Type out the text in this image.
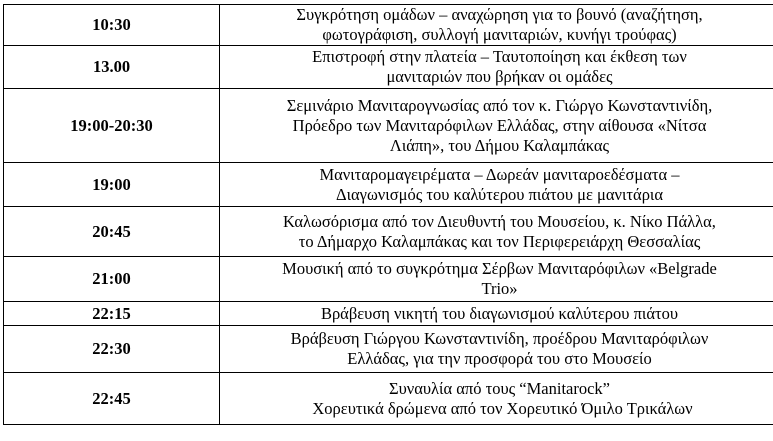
10:30	Συγκρότηση ομάδων – αναχώρηση για το βουνό (αναζήτηση,
φωτογράφιση, συλλογή μανιταριών, κυνήγι τρούφας)

13.00	Επιστροφή στην πλατεία – Ταυτοποίηση και έκθεση των
μανιταριών που βρήκαν οι ομάδες

19:00-20:30	Σεμινάριο Μανιταρογνωσίας από τον κ. Γιώργο Κωνσταντινίδη,
Πρόεδρο των Μανιταρόφιλων Ελλάδας, στην αίθουσα «Νίτσα
Λιάπη», του Δήμου Καλαμπάκας

19:00	Μανιταρομαγειρέματα – Δωρεάν μανιταροεδέσματα –
Διαγωνισμός του καλύτερου πιάτου με μανιτάρια

20:45	Καλωσόρισμα από τον Διευθυντή του Μουσείου, κ. Νίκο Πάλλα,
το Δήμαρχο Καλαμπάκας και τον Περιφερειάρχη Θεσσαλίας

21:00	Μουσική από το συγκρότημα Σέρβων Μανιταρόφιλων «Belgrade
Trio»

22:15	Βράβευση νικητή του διαγωνισμού καλύτερου πιάτου

22:30	Βράβευση Γιώργου Κωνσταντινίδη, προέδρου Μανιταρόφιλων
Ελλάδας, για την προσφορά του στο Μουσείο

22:45	Συναυλία από τους “Manitarock”
Χορευτικά δρώμενα από τον Χορευτικό Όμιλο Τρικάλων
